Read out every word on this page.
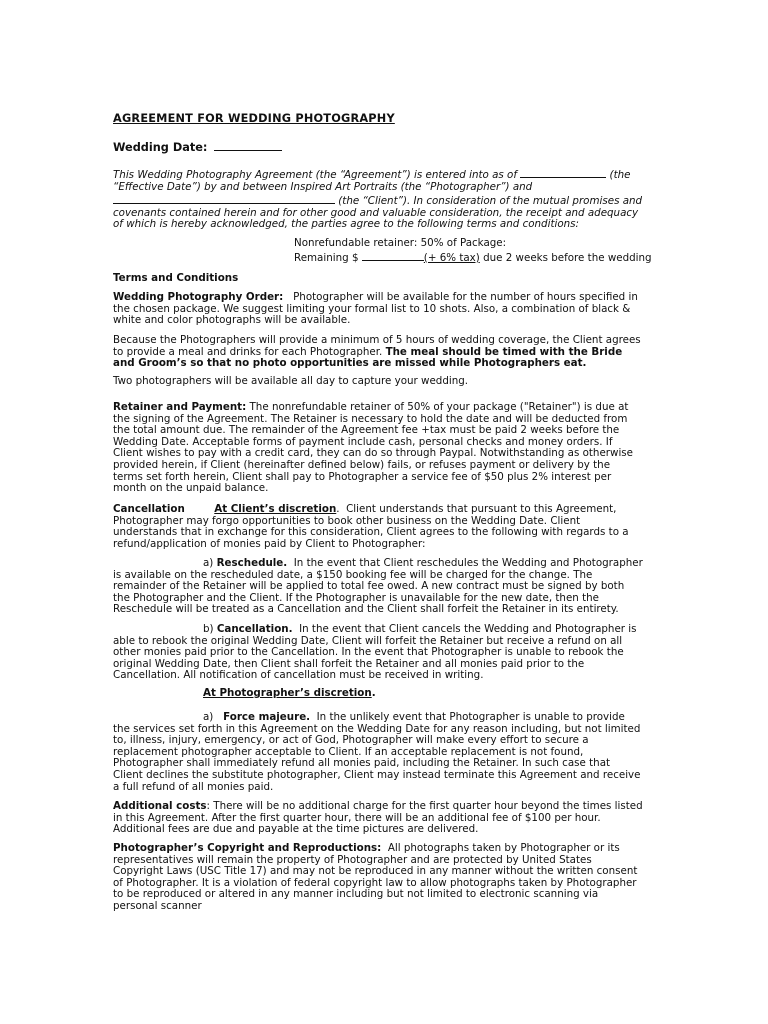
AGREEMENT FOR WEDDING PHOTOGRAPHY
Wedding Date:

This Wedding Photography Agreement (the “Agreement”) is entered into as of	(the “Effective Date”) by and between Inspired Art Portraits (the “Photographer”) and
(the “Client”). In consideration of the mutual promises and covenants contained herein and for other good and valuable consideration, the receipt and adequacy of which is hereby acknowledged, the parties agree to the following terms and conditions:

Nonrefundable retainer: 50% of Package:
Remaining $	(+ 6% tax) due 2 weeks before the wedding
Terms and Conditions

Wedding Photography Order: Photographer will be available for the number of hours specified in the chosen package. We suggest limiting your formal list to 10 shots. Also, a combination of black & white and color photographs will be available.

Because the Photographers will provide a minimum of 5 hours of wedding coverage, the Client agrees to provide a meal and drinks for each Photographer. The meal should be timed with the Bride and Groom’s so that no photo opportunities are missed while Photographers eat.

Two photographers will be available all day to capture your wedding.

Retainer and Payment: The nonrefundable retainer of 50% of your package ("Retainer") is due at the signing of the Agreement. The Retainer is necessary to hold the date and will be deducted from the total amount due. The remainder of the Agreement fee +tax must be paid 2 weeks before the Wedding Date. Acceptable forms of payment include cash, personal checks and money orders. If Client wishes to pay with a credit card, they can do so through Paypal. Notwithstanding as otherwise provided herein, if Client (hereinafter defined below) fails, or refuses payment or delivery by the terms set forth herein, Client shall pay to Photographer a service fee of $50 plus 2% interest per month on the unpaid balance.

Cancellation	At Client’s discretion.  Client understands that pursuant to this Agreement, Photographer may forgo opportunities to book other business on the Wedding Date. Client understands that in exchange for this consideration, Client agrees to the following with regards to a refund/application of monies paid by Client to Photographer:

a) Reschedule. In the event that Client reschedules the Wedding and Photographer is available on the rescheduled date, a $150 booking fee will be charged for the change. The remainder of the Retainer will be applied to total fee owed. A new contract must be signed by both the Photographer and the Client. If the Photographer is unavailable for the new date, then the Reschedule will be treated as a Cancellation and the Client shall forfeit the Retainer in its entirety.

b) Cancellation. In the event that Client cancels the Wedding and Photographer is able to rebook the original Wedding Date, Client will forfeit the Retainer but receive a refund on all other monies paid prior to the Cancellation. In the event that Photographer is unable to rebook the original Wedding Date, then Client shall forfeit the Retainer and all monies paid prior to the Cancellation. All notification of cancellation must be received in writing.

At Photographer’s discretion.

a) Force majeure. In the unlikely event that Photographer is unable to provide the services set forth in this Agreement on the Wedding Date for any reason including, but not limited to, illness, injury, emergency, or act of God, Photographer will make every effort to secure a replacement photographer acceptable to Client. If an acceptable replacement is not found, Photographer shall immediately refund all monies paid, including the Retainer. In such case that Client declines the substitute photographer, Client may instead terminate this Agreement and receive a full refund of all monies paid.

Additional costs: There will be no additional charge for the first quarter hour beyond the times listed in this Agreement. After the first quarter hour, there will be an additional fee of $100 per hour. Additional fees are due and payable at the time pictures are delivered.

Photographer’s Copyright and Reproductions: All photographs taken by Photographer or its representatives will remain the property of Photographer and are protected by United States Copyright Laws (USC Title 17) and may not be reproduced in any manner without the written consent of Photographer. It is a violation of federal copyright law to allow photographs taken by Photographer to be reproduced or altered in any manner including but not limited to electronic scanning via personal scanner
